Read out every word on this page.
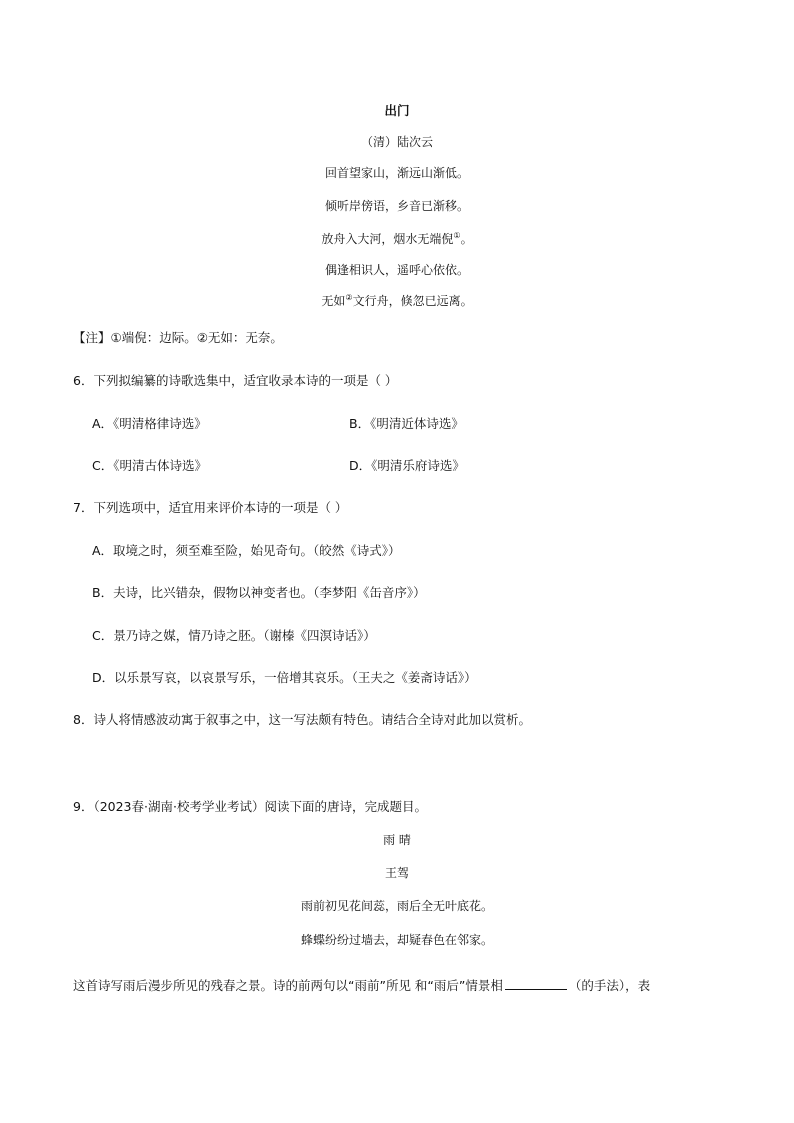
出门
（清）陆次云
回首望家山，渐远山渐低。
倾听岸傍语，乡音已渐移。
放舟入大河，烟水无端倪①。
偶逢相识人，遥呼心依依。
无如②文行舟，倏忽已远离。
【注】①端倪：边际。②无如：无奈。
6．下列拟编纂的诗歌选集中，适宜收录本诗的一项是（ ）
A．《明清格律诗选》	B．《明清近体诗选》
C．《明清古体诗选》	D．《明清乐府诗选》
7．下列选项中，适宜用来评价本诗的一项是（ ）
A．取境之时，须至难至险，始见奇句。（皎然《诗式》）
B．夫诗，比兴错杂，假物以神变者也。（李梦阳《缶音序》）
C．景乃诗之媒，情乃诗之胚。（谢榛《四溟诗话》）
D．以乐景写哀，以哀景写乐，一倍增其哀乐。（王夫之《姜斋诗话》）
8．诗人将情感波动寓于叙事之中，这一写法颇有特色。请结合全诗对此加以赏析。
9．（2023春·湖南·校考学业考试）阅读下面的唐诗，完成题目。
雨 晴
王驾
雨前初见花间蕊，雨后全无叶底花。
蜂蝶纷纷过墙去，却疑春色在邻家。
这首诗写雨后漫步所见的残春之景。诗的前两句以“雨前”所见 和“雨后”情景相	（的手法），表
